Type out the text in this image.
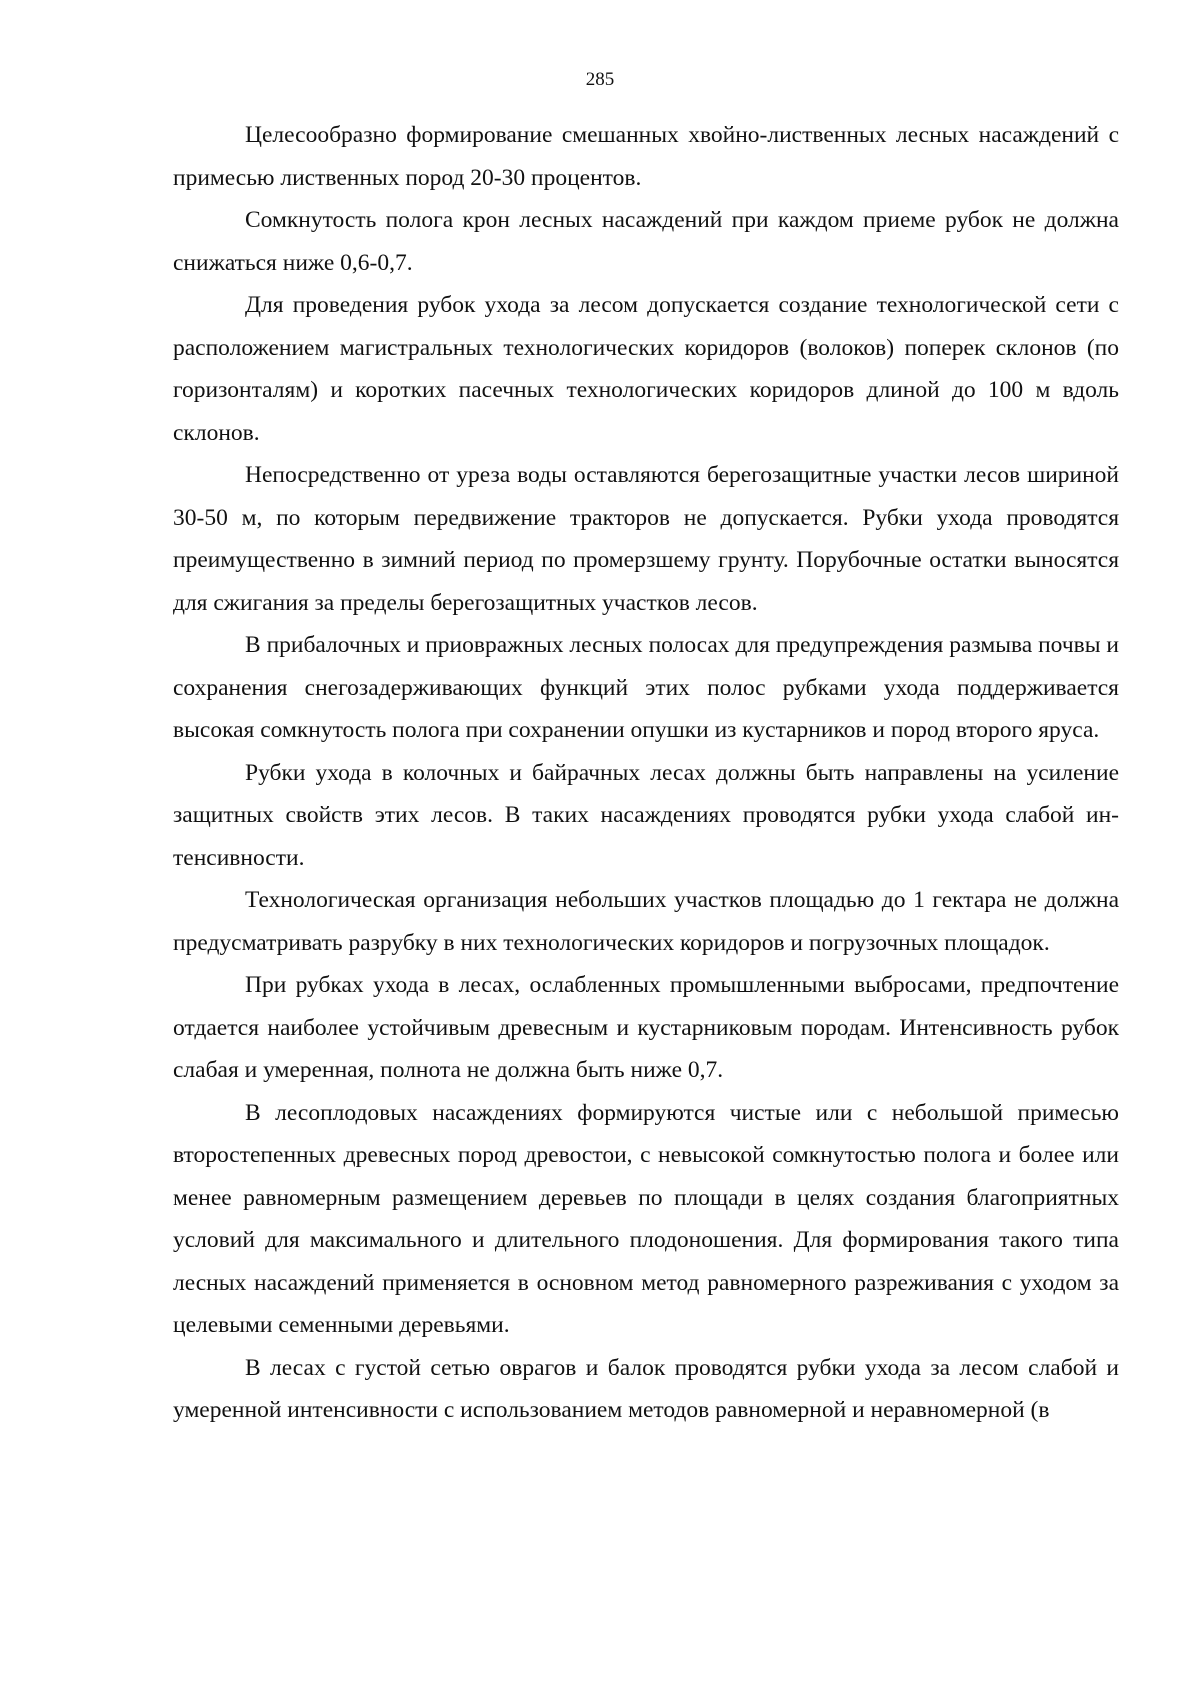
285

Целесообразно формирование смешанных хвойно-лиственных лесных насаждений с примесью лиственных пород 20-30 процентов.

Сомкнутость полога крон лесных насаждений при каждом приеме рубок не должна снижаться ниже 0,6-0,7.

Для проведения рубок ухода за лесом допускается создание технологической сети с расположением магистральных технологических коридоров (волоков) поперек склонов (по горизонталям) и коротких пасечных технологических коридоров длиной до 100 м вдоль склонов.

Непосредственно от уреза воды оставляются берегозащитные участки лесов шириной 30-50 м, по которым передвижение тракторов не допускается. Рубки ухода проводятся преимущественно в зимний период по промерзшему грунту. Порубочные остатки выносятся для сжигания за пределы берегозащитных участков лесов.

В прибалочных и приовражных лесных полосах для предупреждения размыва почвы и сохранения снегозадерживающих функций этих полос рубками ухода поддерживается высокая сомкнутость полога при сохранении опушки из кустарников и пород второго яруса.

Рубки ухода в колочных и байрачных лесах должны быть направлены на усиление защитных свойств этих лесов. В таких насаждениях проводятся рубки ухода слабой интенсивности.

Технологическая организация небольших участков площадью до 1 гектара не должна предусматривать разрубку в них технологических коридоров и погрузочных площадок.

При рубках ухода в лесах, ослабленных промышленными выбросами, предпочтение отдается наиболее устойчивым древесным и кустарниковым породам. Интенсивность рубок слабая и умеренная, полнота не должна быть ниже 0,7.

В лесоплодовых насаждениях формируются чистые или с небольшой примесью второстепенных древесных пород древостои, с невысокой сомкнутостью полога и более или менее равномерным размещением деревьев по площади в целях создания благоприятных условий для максимального и длительного плодоношения. Для формирования такого типа лесных насаждений применяется в основном метод равномерного разреживания с уходом за целевыми семенными деревьями.

В лесах с густой сетью оврагов и балок проводятся рубки ухода за лесом слабой и умеренной интенсивности с использованием методов равномерной и неравномерной (в
